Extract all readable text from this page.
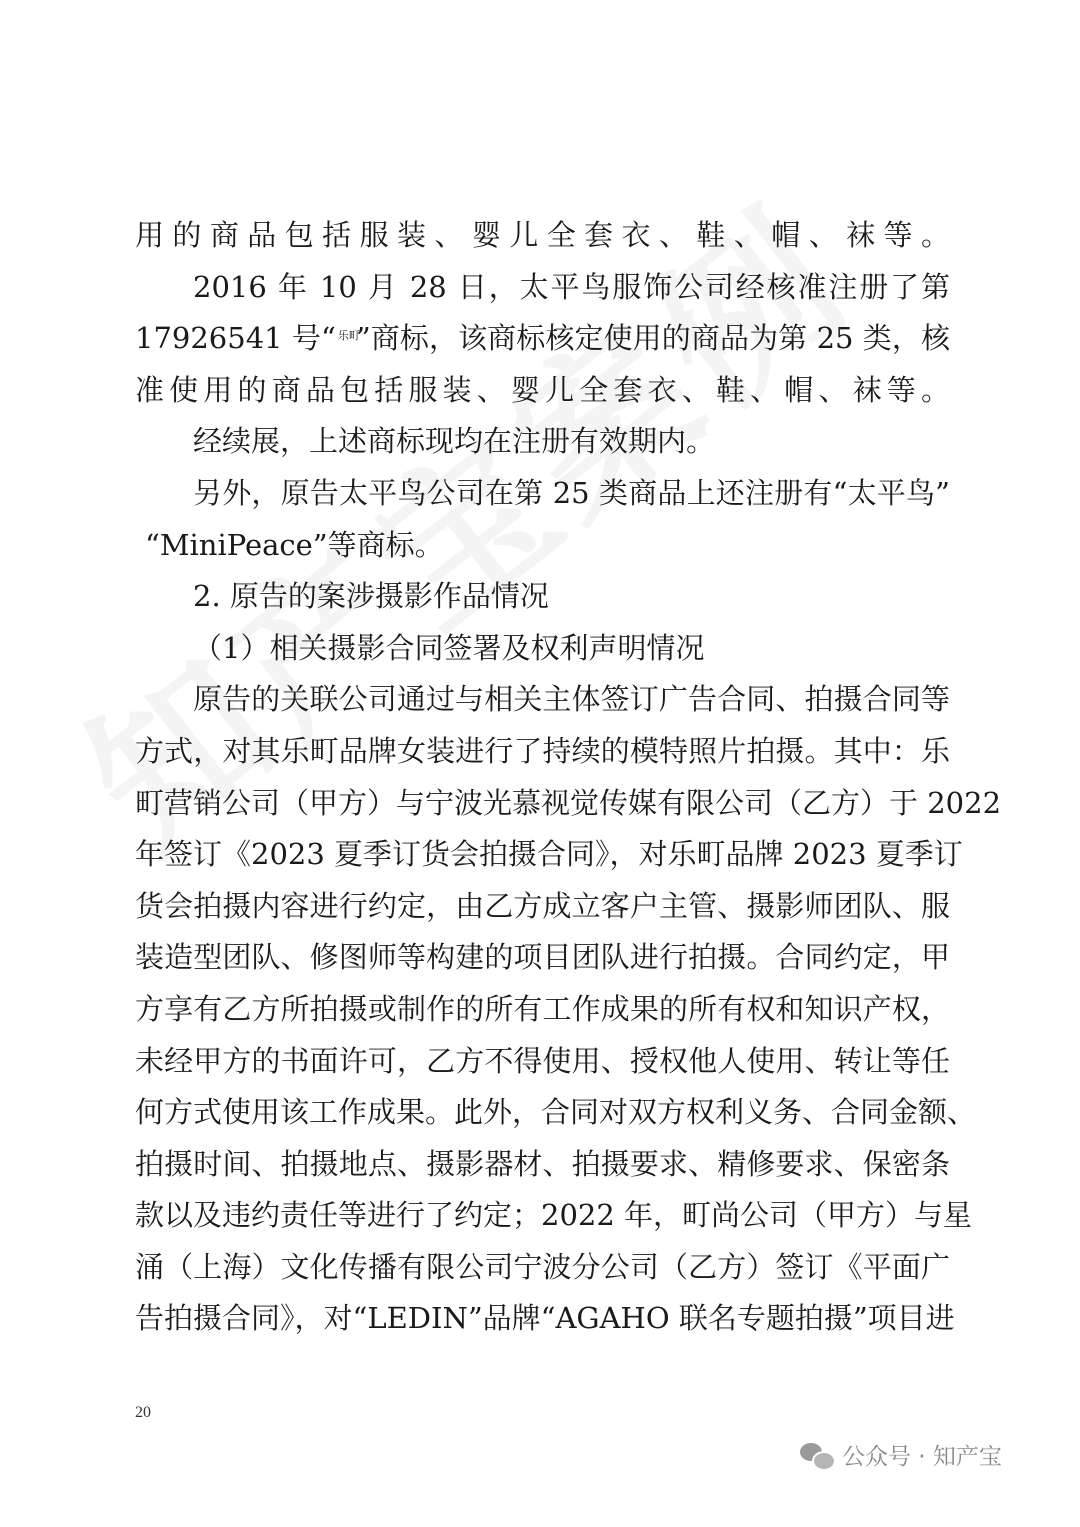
用的商品包括服装、婴儿全套衣、鞋、帽、袜等。
2016 年 10 月 28 日，太平鸟服饰公司经核准注册了第
17926541 号“ 乐町”商标，该商标核定使用的商品为第 25 类，核
准使用的商品包括服装、婴儿全套衣、鞋、帽、袜等。
经续展，上述商标现均在注册有效期内。
另外，原告太平鸟公司在第 25 类商品上还注册有“太平鸟”
“MiniPeace”等商标。
2. 原告的案涉摄影作品情况
（1）相关摄影合同签署及权利声明情况
原告的关联公司通过与相关主体签订广告合同、拍摄合同等
方式，对其乐町品牌女装进行了持续的模特照片拍摄。其中：乐
町营销公司（甲方）与宁波光慕视觉传媒有限公司（乙方）于 2022
年签订《2023 夏季订货会拍摄合同》，对乐町品牌 2023 夏季订
货会拍摄内容进行约定，由乙方成立客户主管、摄影师团队、服
装造型团队、修图师等构建的项目团队进行拍摄。合同约定，甲
方享有乙方所拍摄或制作的所有工作成果的所有权和知识产权，
未经甲方的书面许可，乙方不得使用、授权他人使用、转让等任
何方式使用该工作成果。此外，合同对双方权利义务、合同金额、
拍摄时间、拍摄地点、摄影器材、拍摄要求、精修要求、保密条
款以及违约责任等进行了约定；2022 年，町尚公司（甲方）与星
涌（上海）文化传播有限公司宁波分公司（乙方）签订《平面广
告拍摄合同》，对“LEDIN”品牌“AGAHO 联名专题拍摄”项目进
20
公众号 · 知产宝
